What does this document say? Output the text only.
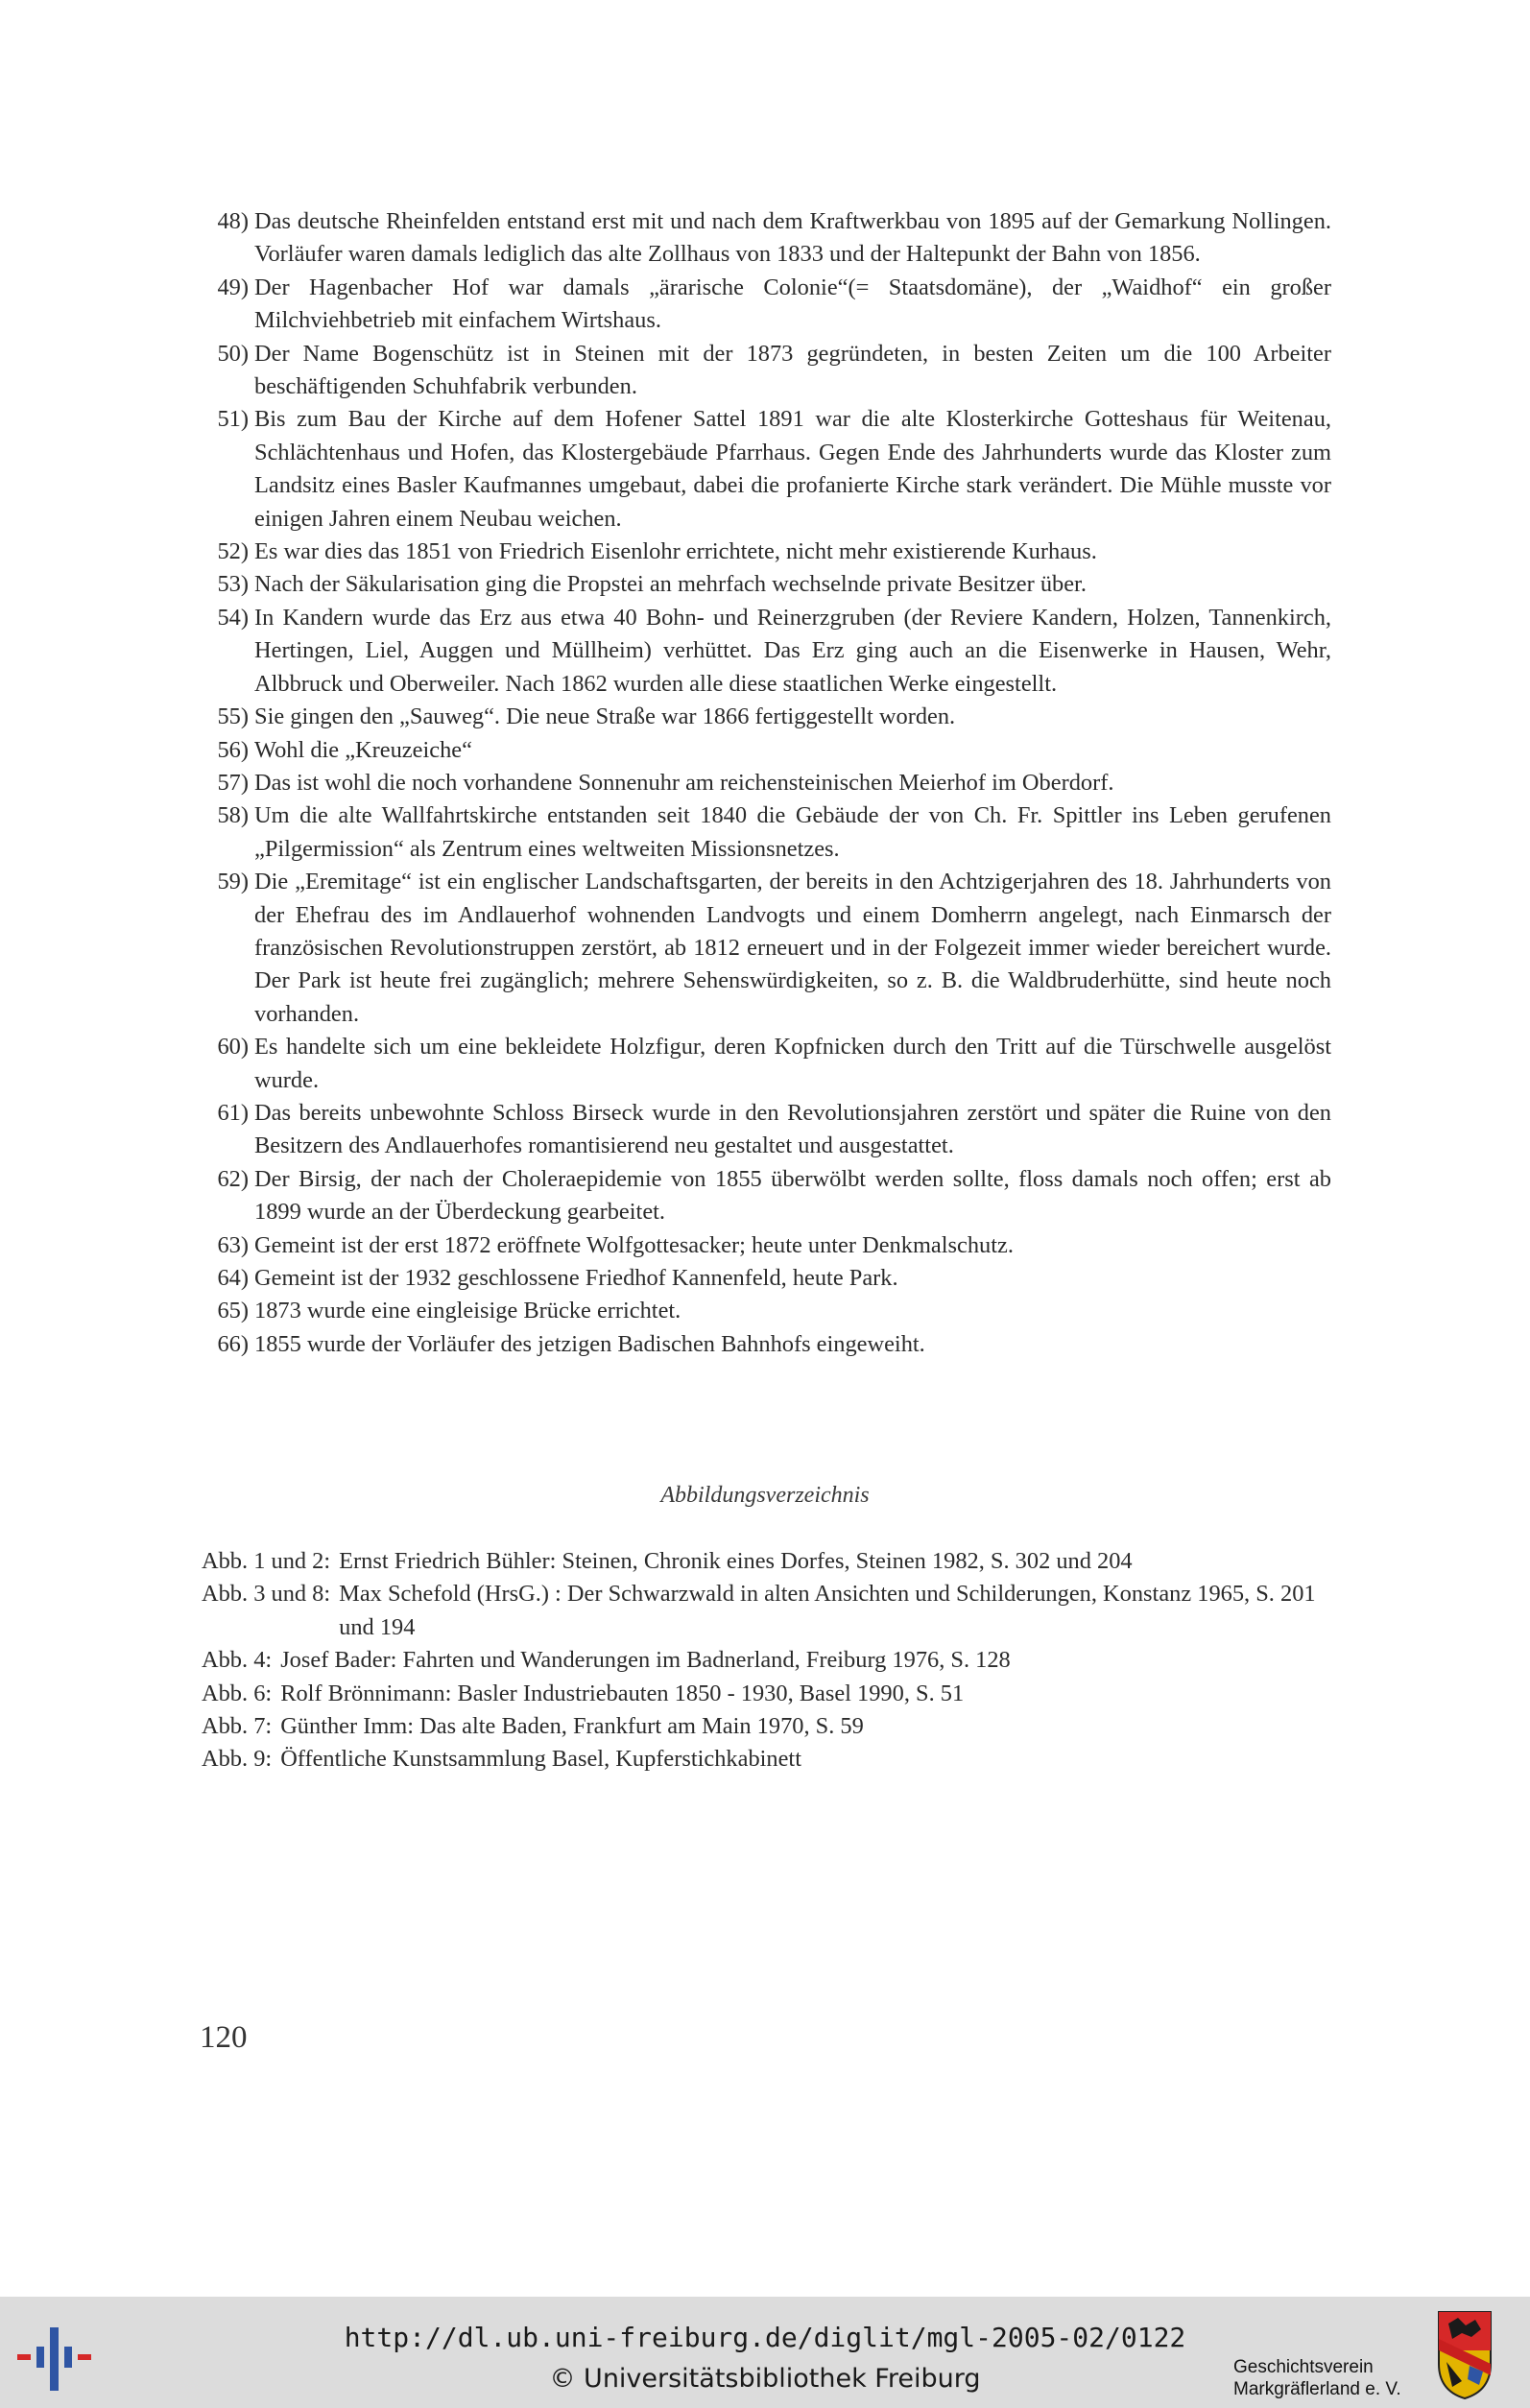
48) Das deutsche Rheinfelden entstand erst mit und nach dem Kraftwerkbau von 1895 auf der Gemarkung Nollingen. Vorläufer waren damals lediglich das alte Zollhaus von 1833 und der Haltepunkt der Bahn von 1856.
49) Der Hagenbacher Hof war damals „ärarische Colonie“(= Staatsdomäne), der „Waidhof“ ein großer Milchviehbetrieb mit einfachem Wirtshaus.
50) Der Name Bogenschütz ist in Steinen mit der 1873 gegründeten, in besten Zeiten um die 100 Arbeiter beschäftigenden Schuhfabrik verbunden.
51) Bis zum Bau der Kirche auf dem Hofener Sattel 1891 war die alte Klosterkirche Gotteshaus für Weitenau, Schlächtenhaus und Hofen, das Klostergebäude Pfarrhaus. Gegen Ende des Jahrhunderts wurde das Kloster zum Landsitz eines Basler Kaufmannes umgebaut, dabei die profanierte Kirche stark verändert. Die Mühle musste vor einigen Jahren einem Neubau weichen.
52) Es war dies das 1851 von Friedrich Eisenlohr errichtete, nicht mehr existierende Kurhaus.
53) Nach der Säkularisation ging die Propstei an mehrfach wechselnde private Besitzer über.
54) In Kandern wurde das Erz aus etwa 40 Bohn- und Reinerzgruben (der Reviere Kandern, Holzen, Tannenkirch, Hertingen, Liel, Auggen und Müllheim) verhüttet. Das Erz ging auch an die Eisenwerke in Hausen, Wehr, Albbruck und Oberweiler. Nach 1862 wurden alle diese staatlichen Werke eingestellt.
55) Sie gingen den „Sauweg“. Die neue Straße war 1866 fertiggestellt worden.
56) Wohl die „Kreuzeiche“
57) Das ist wohl die noch vorhandene Sonnenuhr am reichensteinischen Meierhof im Oberdorf.
58) Um die alte Wallfahrtskirche entstanden seit 1840 die Gebäude der von Ch. Fr. Spittler ins Leben gerufenen „Pilgermission“ als Zentrum eines weltweiten Missionsnetzes.
59) Die „Eremitage“ ist ein englischer Landschaftsgarten, der bereits in den Achtzigerjahren des 18. Jahrhunderts von der Ehefrau des im Andlauerhof wohnenden Landvogts und einem Domherrn angelegt, nach Einmarsch der französischen Revolutionstruppen zerstört, ab 1812 erneuert und in der Folgezeit immer wieder bereichert wurde. Der Park ist heute frei zugänglich; mehrere Sehenswürdigkeiten, so z. B. die Waldbruderhütte, sind heute noch vorhanden.
60) Es handelte sich um eine bekleidete Holzfigur, deren Kopfnicken durch den Tritt auf die Türschwelle ausgelöst wurde.
61) Das bereits unbewohnte Schloss Birseck wurde in den Revolutionsjahren zerstört und später die Ruine von den Besitzern des Andlauerhofes romantisierend neu gestaltet und ausgestattet.
62) Der Birsig, der nach der Choleraepidemie von 1855 überwölbt werden sollte, floss damals noch offen; erst ab 1899 wurde an der Überdeckung gearbeitet.
63) Gemeint ist der erst 1872 eröffnete Wolfgottesacker; heute unter Denkmalschutz.
64) Gemeint ist der 1932 geschlossene Friedhof Kannenfeld, heute Park.
65) 1873 wurde eine eingleisige Brücke errichtet.
66) 1855 wurde der Vorläufer des jetzigen Badischen Bahnhofs eingeweiht.
Abbildungsverzeichnis
Abb. 1 und 2: Ernst Friedrich Bühler: Steinen, Chronik eines Dorfes, Steinen 1982, S. 302 und 204
Abb. 3 und 8: Max Schefold (HrsG.) : Der Schwarzwald in alten Ansichten und Schilderungen, Konstanz 1965, S. 201 und 194
Abb. 4: Josef Bader: Fahrten und Wanderungen im Badnerland, Freiburg 1976, S. 128
Abb. 6: Rolf Brönnimann: Basler Industriebauten 1850 - 1930, Basel 1990, S. 51
Abb. 7: Günther Imm: Das alte Baden, Frankfurt am Main 1970, S. 59
Abb. 9: Öffentliche Kunstsammlung Basel, Kupferstichkabinett
120
http://dl.ub.uni-freiburg.de/diglit/mgl-2005-02/0122
© Universitätsbibliothek Freiburg	Geschichtsverein
Markgräflerland e. V.
